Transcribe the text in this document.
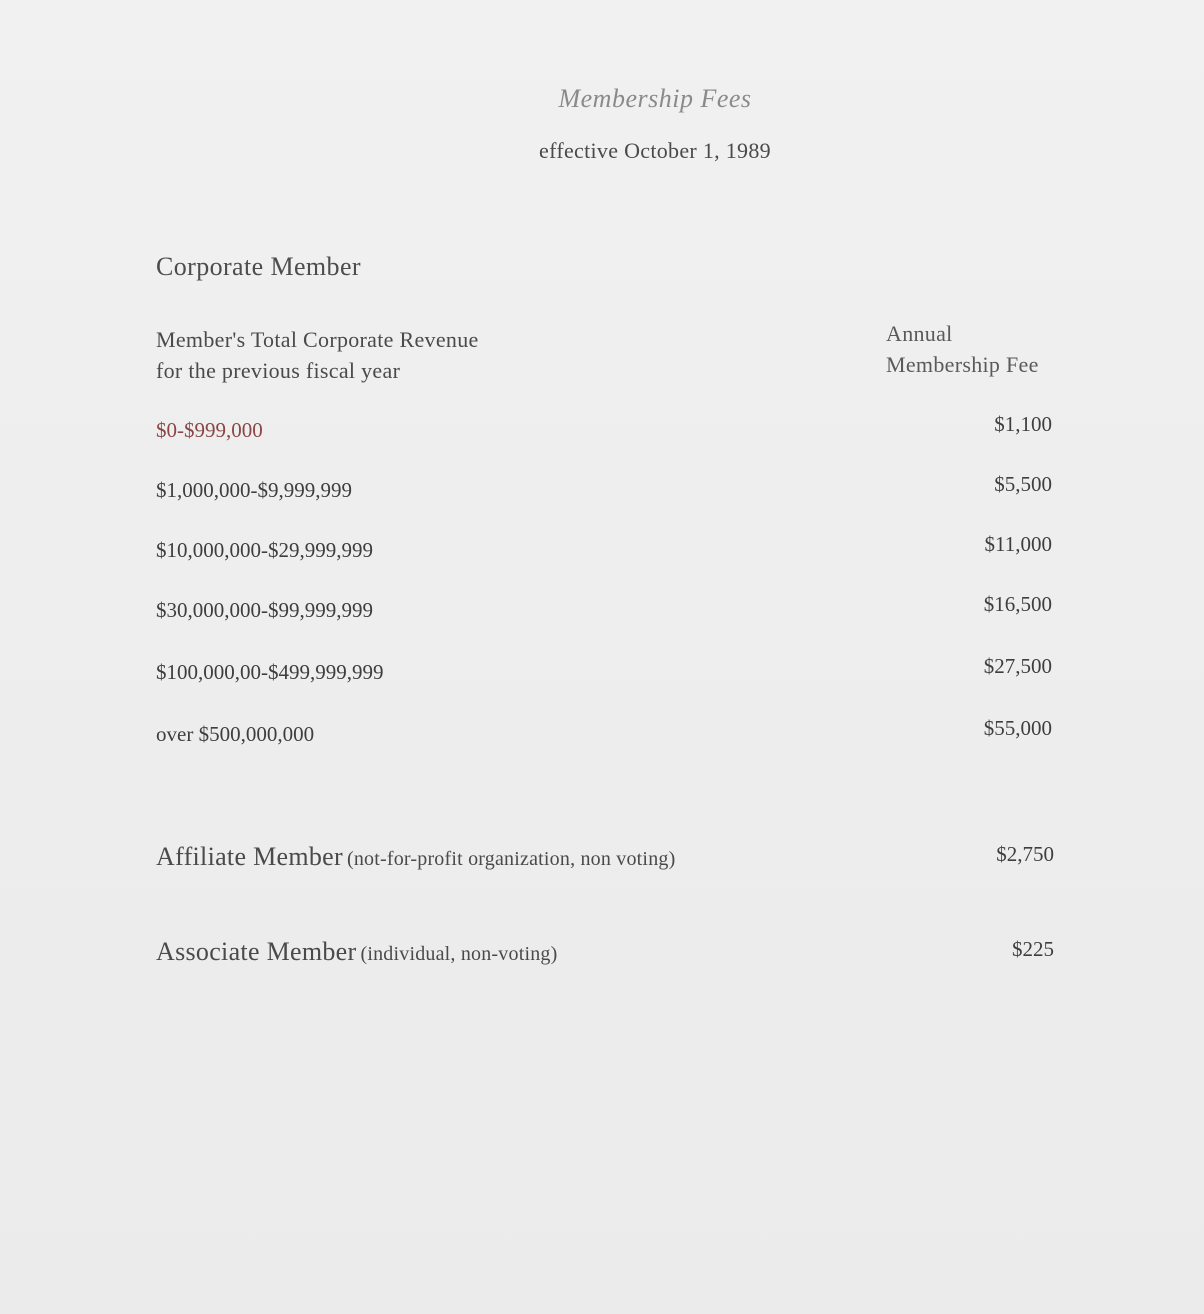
Membership Fees
effective October 1, 1989
Corporate Member
Member's Total Corporate Revenue
for the previous fiscal year
Annual
Membership Fee
$0-$999,000	$1,100
$1,000,000-$9,999,999	$5,500
$10,000,000-$29,999,999	$11,000
$30,000,000-$99,999,999	$16,500
$100,000,00-$499,999,999	$27,500
over $500,000,000	$55,000
Affiliate Member (not-for-profit organization, non voting)	$2,750
Associate Member (individual, non-voting)	$225
